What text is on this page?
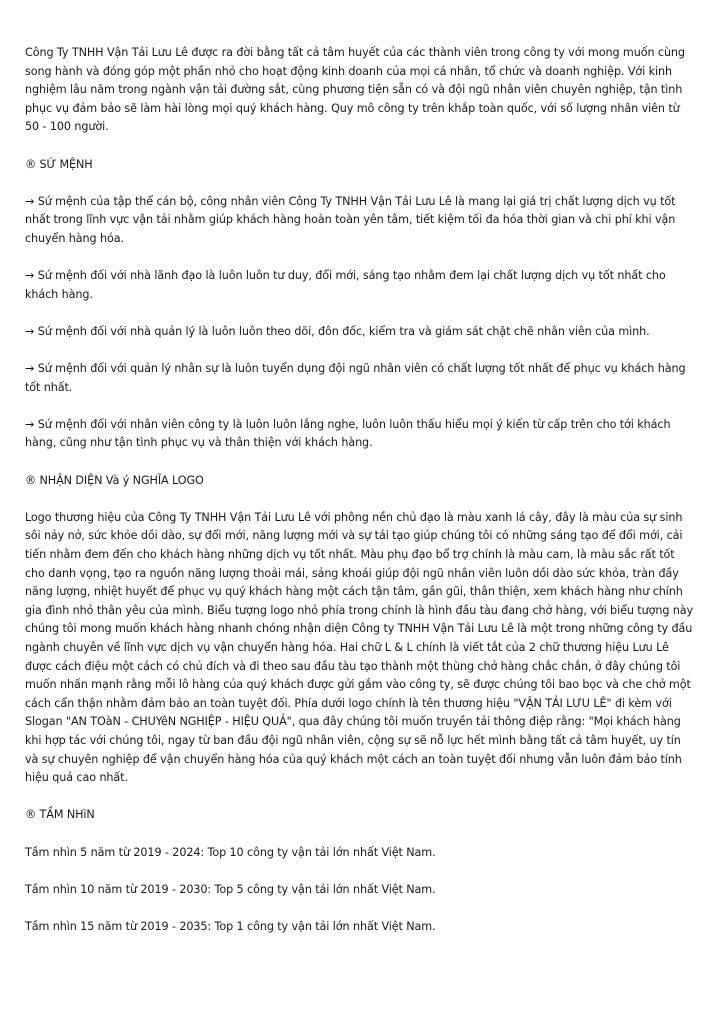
Công Ty TNHH Vận Tải Lưu Lê được ra đời bằng tất cả tâm huyết của các thành viên trong công ty với mong muốn cùng song hành và đóng góp một phần nhỏ cho hoạt động kinh doanh của mọi cá nhân, tổ chức và doanh nghiệp. Với kinh nghiệm lâu năm trong ngành vận tải đường sắt, cùng phương tiện sẵn có và đội ngũ nhân viên chuyên nghiệp, tận tình phục vụ đảm bảo sẽ làm hài lòng mọi quý khách hàng. Quy mô công ty trên khắp toàn quốc, với số lượng nhân viên từ 50 - 100 người.

® SỨ MỆNH

→ Sứ mệnh của tập thể cán bộ, công nhân viên Công Ty TNHH Vận Tải Lưu Lê là mang lại giá trị chất lượng dịch vụ tốt nhất trong lĩnh vực vận tải nhằm giúp khách hàng hoàn toàn yên tâm, tiết kiệm tối đa hóa thời gian và chi phí khi vận chuyển hàng hóa.

→ Sứ mệnh đối với nhà lãnh đạo là luôn luôn tư duy, đổi mới, sáng tạo nhằm đem lại chất lượng dịch vụ tốt nhất cho khách hàng.

→ Sứ mệnh đối với nhà quản lý là luôn luôn theo dõi, đôn đốc, kiểm tra và giám sát chặt chẽ nhân viên của mình.

→ Sứ mệnh đối với quản lý nhân sự là luôn tuyển dụng đội ngũ nhân viên có chất lượng tốt nhất để phục vụ khách hàng tốt nhất.

→ Sứ mệnh đối với nhân viên công ty là luôn luôn lắng nghe, luôn luôn thấu hiểu mọi ý kiến từ cấp trên cho tới khách hàng, cũng như tận tình phục vụ và thân thiện với khách hàng.

® NHẬN DIỆN Và ý NGHĨA LOGO

Logo thương hiệu của Công Ty TNHH Vận Tải Lưu Lê với phông nền chủ đạo là màu xanh lá cây, đây là màu của sự sinh sôi nảy nở, sức khỏe dồi dào, sự đổi mới, năng lượng mới và sự tái tạo giúp chúng tôi có những sáng tạo để đổi mới, cải tiến nhằm đem đến cho khách hàng những dịch vụ tốt nhất. Màu phụ đạo bổ trợ chính là màu cam, là màu sắc rất tốt cho danh vọng, tạo ra nguồn năng lượng thoải mái, sảng khoái giúp đội ngũ nhân viên luôn dồi dào sức khỏa, tràn đầy năng lượng, nhiệt huyết để phục vụ quý khách hàng một cách tận tâm, gần gũi, thân thiện, xem khách hàng như chính gia đình nhỏ thân yêu của mình. Biểu tượng logo nhỏ phía trong chính là hình đầu tàu đang chở hàng, với biểu tượng này chúng tôi mong muốn khách hàng nhanh chóng nhận diện Công ty TNHH Vận Tải Lưu Lê là một trong những công ty đầu ngành chuyên về lĩnh vực dịch vụ vận chuyển hàng hóa. Hai chữ L & L chính là viết tắt của 2 chữ thương hiệu Lưu Lê được cách điệu một cách có chủ đích và đi theo sau đầu tàu tạo thành một thùng chở hàng chắc chắn, ở đây chúng tôi muốn nhấn mạnh rằng mỗi lô hàng của quý khách được gửi gắm vào công ty, sẽ được chúng tôi bao bọc và che chở một cách cẩn thận nhằm đảm bảo an toàn tuyệt đối. Phía dưới logo chính là tên thương hiệu "VẬN TẢI LƯU LÊ" đi kèm với Slogan "AN TOàN - CHUYêN NGHIỆP - HIỆU QUẢ", qua đây chúng tôi muốn truyền tải thông điệp rằng: "Mọi khách hàng khi hợp tác với chúng tôi, ngay từ ban đầu đội ngũ nhân viên, cộng sự sẽ nỗ lực hết mình bằng tất cả tâm huyết, uy tín và sự chuyên nghiệp để vận chuyển hàng hóa của quý khách một cách an toàn tuyệt đối nhưng vẫn luôn đảm bảo tính hiệu quả cao nhất.

® TẦM NHìN

Tầm nhìn 5 năm từ 2019 - 2024: Top 10 công ty vận tải lớn nhất Việt Nam.

Tầm nhìn 10 năm từ 2019 - 2030: Top 5 công ty vận tải lớn nhất Việt Nam.

Tầm nhìn 15 năm từ 2019 - 2035: Top 1 công ty vận tải lớn nhất Việt Nam.
